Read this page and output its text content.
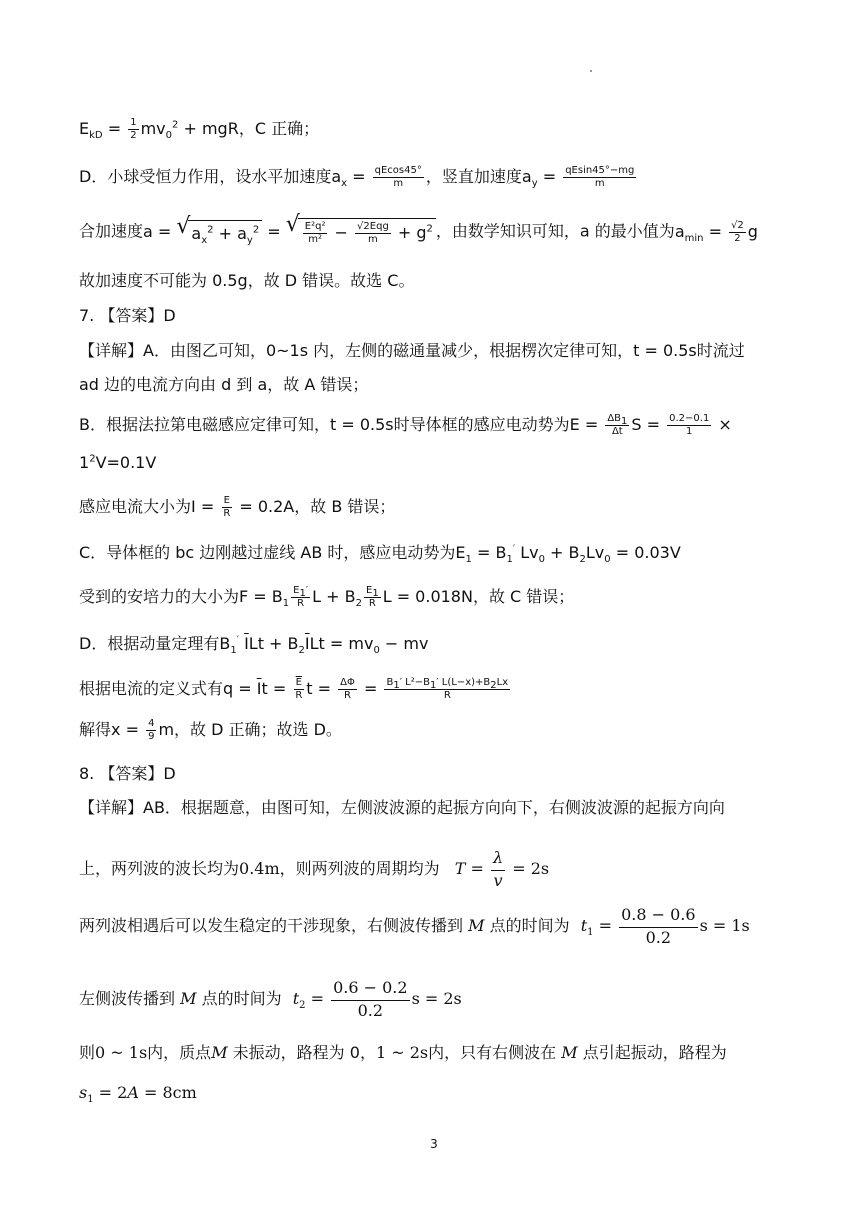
$E_{kD} = \frac{1}{2} mv_0^2$ + mgR，C 正确；
D．小球受恒力作用，设水平加速度$a_x = \frac{qEcos45^\circ}{m}$ ，竖直加速度$a_y = \frac{qEsin45^\circ-mg}{m}$
合加速度a = √ $a_x^2 + a_y^2$ = √ $\frac{\text{E²q²}}{\text{m²}} - \frac{\text{√2Eqg}}{m} + g^2$ ，由数学知识可知，a 的最小值为$a_{min} = \frac{√2}{2}$ g
故加速度不可能为 0.5g，故 D 错误。故选 C。
7. 【答案】D
【详解】A．由图乙可知，0~1s 内，左侧的磁通量减少，根据楞次定律可知，t = 0.5s时流过
ad 边的电流方向由 d 到 a，故 A 错误；
B．根据法拉第电磁感应定律可知，t = 0.5s时导体框的感应电动势为$E = \frac{\Delta B_1}{\Delta t}$ $S = \frac{0.2-0.1}{1}$ ×
$1^2V=0.1V$
感应电流大小为$I = \frac{E}{R} = 0.2A$，故 B 错误；
C．导体框的 bc 边刚越过虚线 AB 时，感应电动势为$E_1 = B_1'$ $Lv_0 + B_2Lv_0 = 0.03V$
受到的安培力的大小为$F = B_1 \frac{E_1'}{R}$ $L + B_2 \frac{E_1}{R}$ L = 0.018N，故 C 错误；
D．根据动量定理有$B_1'$ $\overline{I}Lt + B_2\overline{I}Lt = mv_0$ − mv
根据电流的定义式有$q = \overline{I}t = \frac{\overline{E}}{R}$ $t = \frac{\Delta\Phi}{R} = \frac{B_1' L^2-B_1' L(L-x)+B_2Lx}{R}$
解得$x = \frac{4}{9}$ m，故 D 正确；故选 D。
8. 【答案】D
【详解】AB．根据题意，由图可知，左侧波波源的起振方向向下，右侧波波源的起振方向向
上，两列波的波长均为0.4m，则两列波的周期均为 $T = \frac{\lambda}{v} = 2s$
两列波相遇后可以发生稳定的干涉现象，右侧波传播到 M 点的时间为 $t_1 = \frac{0.8 - 0.6}{0.2}$ s = 1s
左侧波传播到 M 点的时间为 $t_2 = \frac{0.6 - 0.2}{0.2}$ s = 2s
则0 ~ 1s内，质点M 未振动，路程为 0，1 ~ 2s内，只有右侧波在 M 点引起振动，路程为
$s_1 = 2A = 8cm$
3
